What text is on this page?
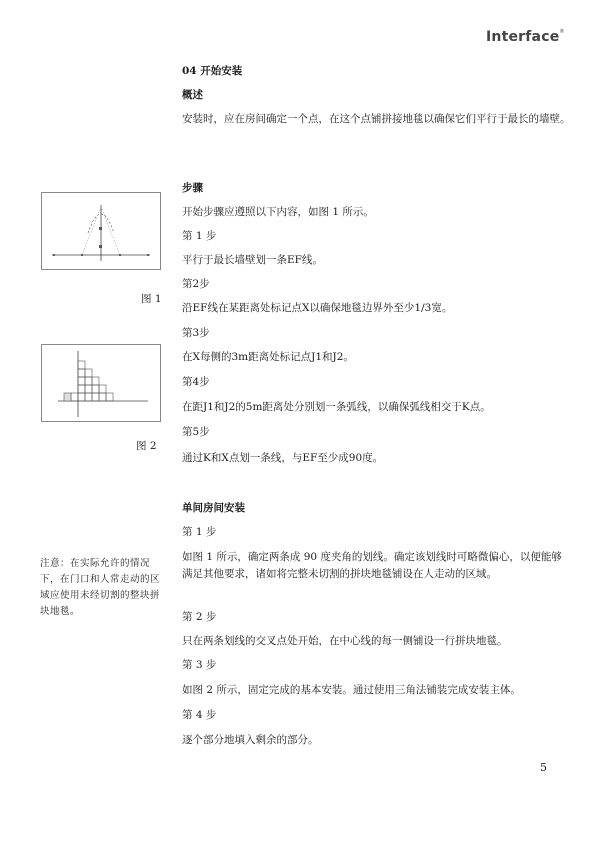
Interface®
04 开始安装
概述
安装时，应在房间确定一个点，在这个点铺拼接地毯以确保它们平行于最长的墙壁。
步骤
开始步骤应遵照以下内容，如图 1 所示。
第 1 步
平行于最长墙壁划一条EF线。
第2步
沿EF线在某距离处标记点X以确保地毯边界外至少1/3宽。
第3步
在X每侧的3m距离处标记点J1和J2。
第4步
在距J1和J2的5m距离处分别划一条弧线，以确保弧线相交于K点。
第5步
通过K和X点划一条线，与EF至少成90度。
图 1
图 2
单间房间安装
第 1 步
如图 1 所示，确定两条成 90 度夹角的划线。确定该划线时可略微偏心，以便能够满足其他要求，诸如将完整未切割的拼块地毯铺设在人走动的区域。
第 2 步
只在两条划线的交叉点处开始，在中心线的每一侧铺设一行拼块地毯。
第 3 步
如图 2 所示，固定完成的基本安装。通过使用三角法铺装完成安装主体。
第 4 步
逐个部分地填入剩余的部分。
注意：在实际允许的情况下，在门口和人常走动的区域应使用未经切割的整块拼块地毯。
5
